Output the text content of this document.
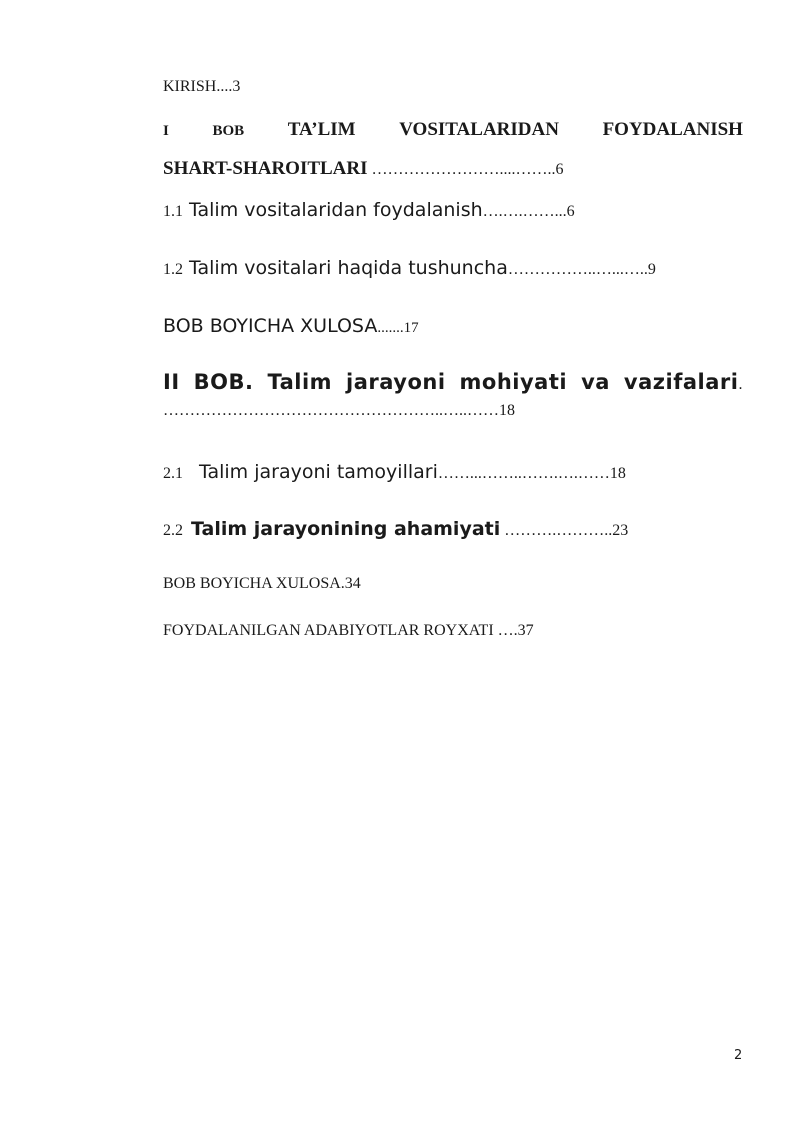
KIRISH....3
I	BOB TA’LIM VOSITALARIDAN FOYDALANISH
SHART-SHAROITLARI ……………………....……..6
1.1 Talim vositalaridan foydalanish….….……...6
1.2 Talim vositalari haqida tushuncha……………..…...…..9
BOB BOYICHA XULOSA.......17
II BOB. Talim jarayoni mohiyati va vazifalari.
……………………………………………..…..……18
2.1 Talim jarayoni tamoyillari……...……..…….….……18
2.2 Talim jarayonining ahamiyati ……….………..23
BOB BOYICHA XULOSA.34
FOYDALANILGAN ADABIYOTLAR ROYXATI ….37
2
